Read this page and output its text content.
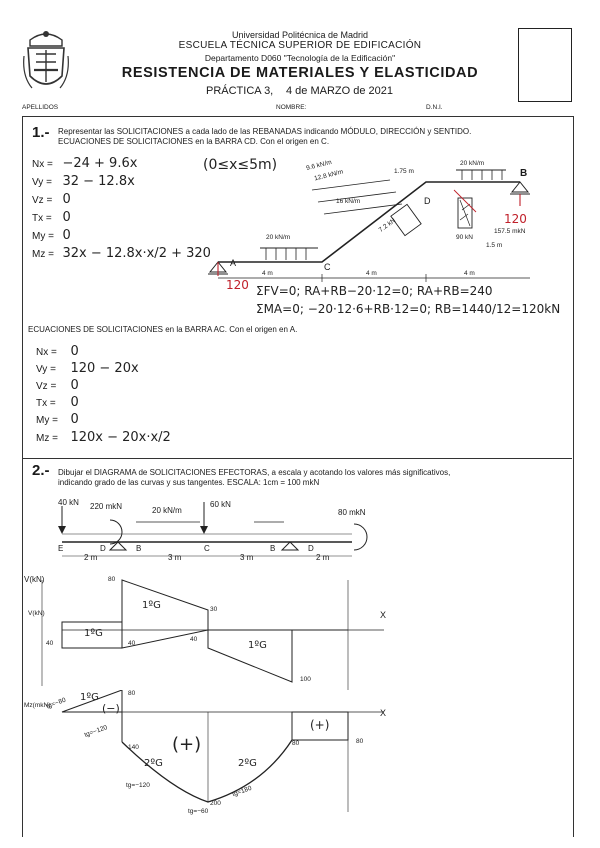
Universidad Politécnica de Madrid
ESCUELA TÉCNICA SUPERIOR DE EDIFICACIÓN
Departamento D060 "Tecnología de la Edificación"
RESISTENCIA DE MATERIALES Y ELASTICIDAD
PRÁCTICA 3, 4 de MARZO de 2021
APELLIDOS	NOMBRE:	D.N.I.
1.- Representar las SOLICITACIONES a cada lado de las REBANADAS indicando MÓDULO, DIRECCIÓN y SENTIDO.
ECUACIONES DE SOLICITACIONES en la BARRA CD. Con el origen en C.
(0≤x≤5m)
Nx = −24 + 9.6x
Vy = 32 − 12.8x
Vz = 0
Tx = 0
My = 0
Mz = 32x − 12.8x·x/2 + 320
20 kN/m
20 kN/m
16 kN/m
12.8 kN/m
9.6 kN/m
4 m	4 m	4 m
1.5 m
1.75 m
A
B
C
D
120
120
90 kN
157.5 mkN
7.2 kN
ΣFV=0; RA+RB−20·12=0; RA+RB=240
ΣMA=0; −20·12·6+RB·12=0; RB=1440/12=120kN
ECUACIONES DE SOLICITACIONES en la BARRA AC. Con el origen en A.
Nx = 0
Vy = 120 − 20x
Vz = 0
Tx = 0
My = 0
Mz = 120x − 20x·x/2
2.- Dibujar el DIAGRAMA de SOLICITACIONES EFECTORAS, a escala y acotando los valores más significativos,
indicando grado de las curvas y sus tangentes. ESCALA: 1cm = 100 mkN
40 kN 220 mkN	20 kN/m
60 kN
80 mkN
E	D	B	C	B	D
2 m	3 m	3 m	2 m
V(kN)
V(kN)
80
30
40	40
40
100
1ºG
1ºG
1ºG
X
Mz(mkN)
80
140
80
200
80
1ºG
2ºG	2ºG
(+)
(+)
(−)	X
tg=−120
tg=−120
tg=−60
tg=180
tg=−80
